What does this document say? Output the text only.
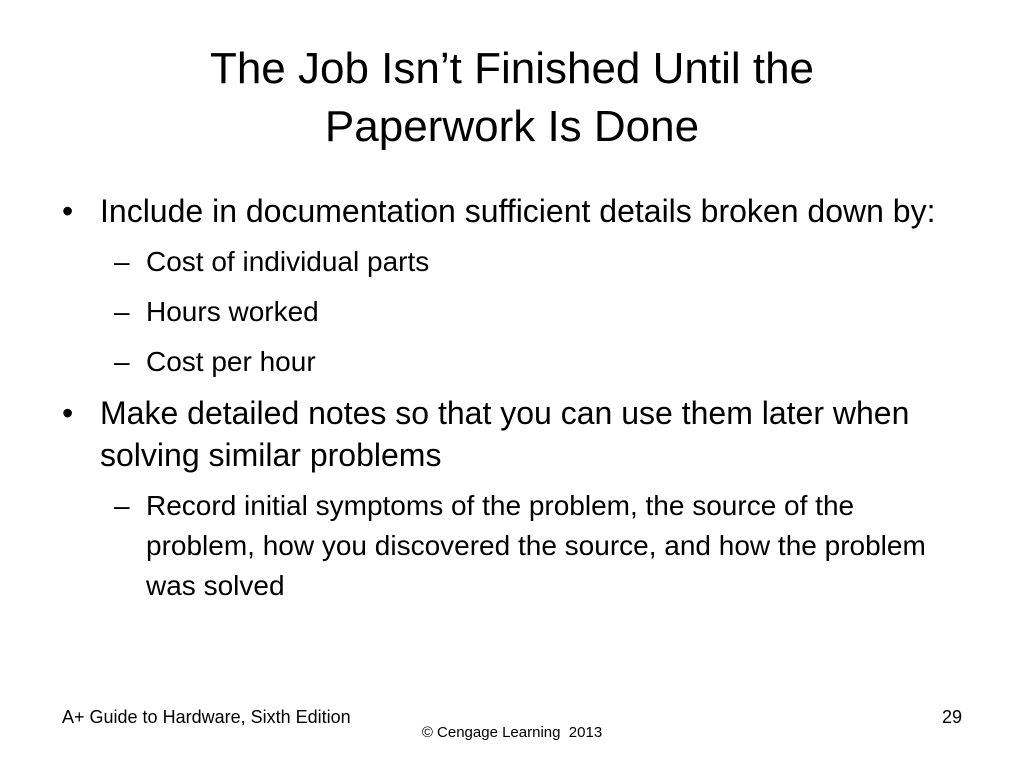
The Job Isn’t Finished Until the
Paperwork Is Done
• Include in documentation sufficient details broken down by:
– Cost of individual parts
– Hours worked
– Cost per hour
• Make detailed notes so that you can use them later when solving similar problems
– Record initial symptoms of the problem, the source of the problem, how you discovered the source, and how the problem was solved
A+ Guide to Hardware, Sixth Edition	29
© Cengage Learning  2013
